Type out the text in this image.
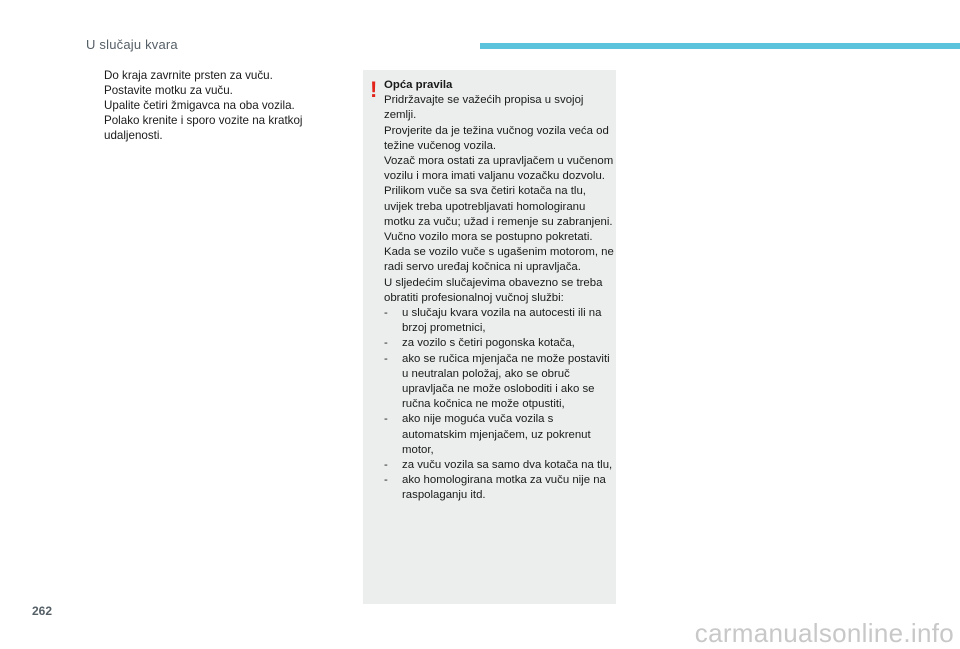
U slučaju kvara
Do kraja zavrnite prsten za vuču.
Postavite motku za vuču.
Upalite četiri žmigavca na oba vozila.
Polako krenite i sporo vozite na kratkoj udaljenosti.
! Opća pravila

Pridržavajte se važećih propisa u svojoj zemlji.

Provjerite da je težina vučnog vozila veća od težine vučenog vozila.

Vozač mora ostati za upravljačem u vučenom vozilu i mora imati valjanu vozačku dozvolu.

Prilikom vuče sa sva četiri kotača na tlu, uvijek treba upotrebljavati homologiranu motku za vuču; užad i remenje su zabranjeni.

Vučno vozilo mora se postupno pokretati.

Kada se vozilo vuče s ugašenim motorom, ne radi servo uređaj kočnica ni upravljača.

U sljedećim slučajevima obavezno se treba obratiti profesionalnoj vučnoj službi:

- u slučaju kvara vozila na autocesti ili na brzoj prometnici,
- za vozilo s četiri pogonska kotača,
- ako se ručica mjenjača ne može postaviti u neutralan položaj, ako se obruč upravljača ne može osloboditi i ako se ručna kočnica ne može otpustiti,
- ako nije moguća vuča vozila s automatskim mjenjačem, uz pokrenut motor,
- za vuču vozila sa samo dva kotača na tlu,
- ako homologirana motka za vuču nije na raspolaganju itd.
262
carmanualsonline.info
